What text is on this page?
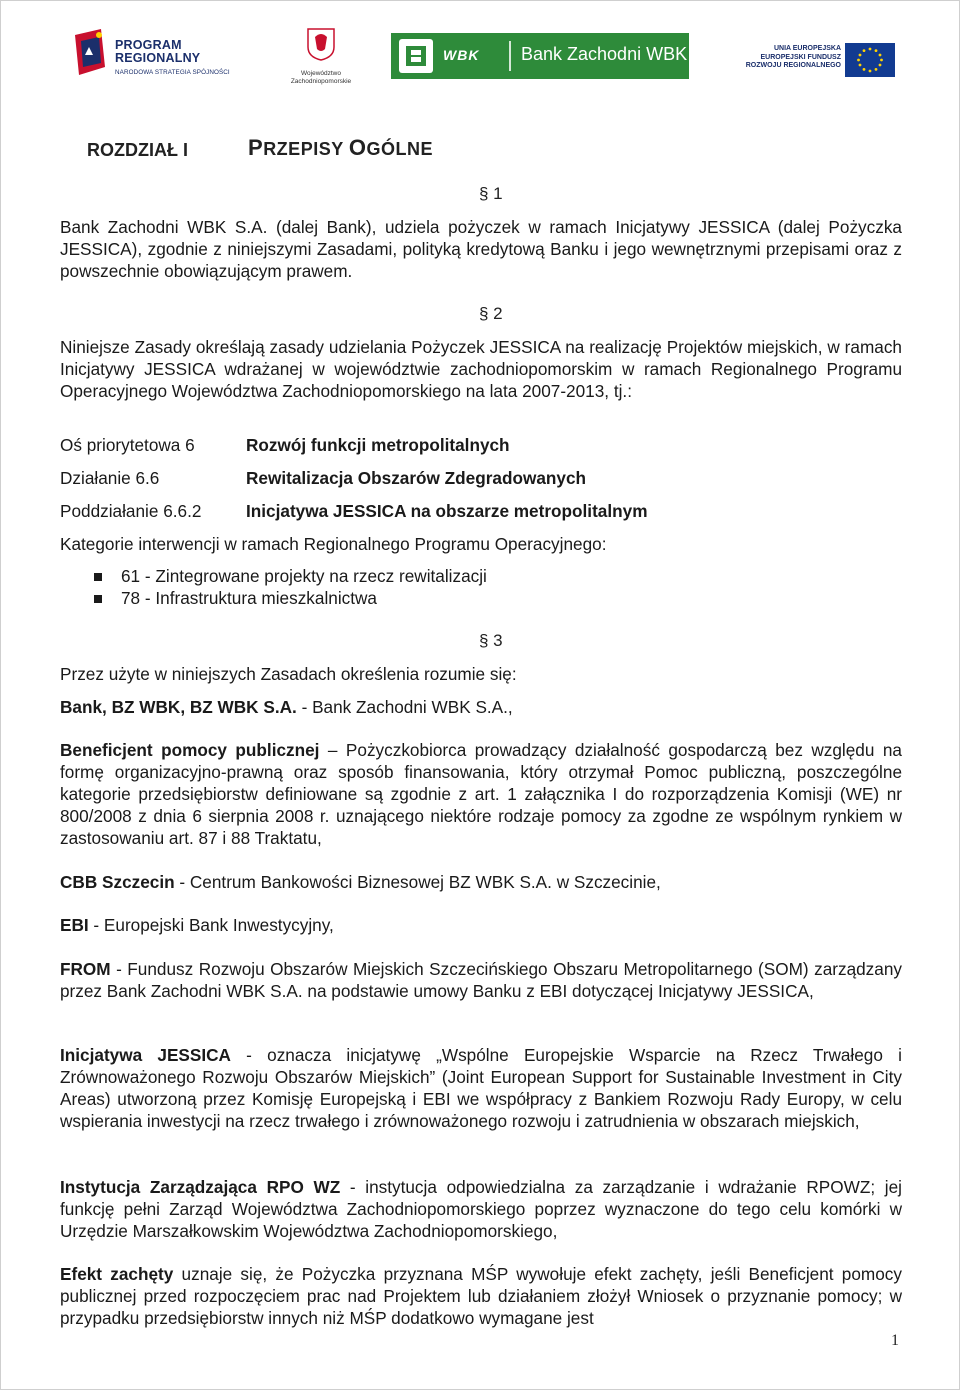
PROGRAM
REGIONALNY
NARODOWA STRATEGIA SPÓJNOŚCI	Województwo Zachodniopomorskie
WBK Bank Zachodni WBK	UNIA EUROPEJSKA EUROPEJSKI FUNDUSZ ROZWOJU REGIONALNEGO
ROZDZIAŁ I	PRZEPISY OGÓLNE
§ 1
Bank Zachodni WBK S.A. (dalej Bank), udziela pożyczek w ramach Inicjatywy JESSICA (dalej Pożyczka JESSICA), zgodnie z niniejszymi Zasadami, polityką kredytową Banku i jego wewnętrznymi przepisami oraz z powszechnie obowiązującym prawem.
§ 2
Niniejsze Zasady określają zasady udzielania Pożyczek JESSICA na realizację Projektów miejskich, w ramach Inicjatywy JESSICA wdrażanej w województwie zachodniopomorskim w ramach Regionalnego Programu Operacyjnego Województwa Zachodniopomorskiego na lata 2007-2013, tj.:
Oś priorytetowa 6	Rozwój funkcji metropolitalnych
Działanie 6.6	Rewitalizacja Obszarów Zdegradowanych
Poddziałanie 6.6.2	Inicjatywa JESSICA na obszarze metropolitalnym
Kategorie interwencji w ramach Regionalnego Programu Operacyjnego:
61 - Zintegrowane projekty na rzecz rewitalizacji
78 - Infrastruktura mieszkalnictwa
§ 3
Przez użyte w niniejszych Zasadach określenia rozumie się:
Bank, BZ WBK, BZ WBK S.A. - Bank Zachodni WBK S.A.,
Beneficjent pomocy publicznej – Pożyczkobiorca prowadzący działalność gospodarczą bez względu na formę organizacyjno-prawną oraz sposób finansowania, który otrzymał Pomoc publiczną, poszczególne kategorie przedsiębiorstw definiowane są zgodnie z art. 1 załącznika I do rozporządzenia Komisji (WE) nr 800/2008 z dnia 6 sierpnia 2008 r. uznającego niektóre rodzaje pomocy za zgodne ze wspólnym rynkiem w zastosowaniu art. 87 i 88 Traktatu,
CBB Szczecin - Centrum Bankowości Biznesowej BZ WBK S.A. w Szczecinie,
EBI - Europejski Bank Inwestycyjny,
FROM - Fundusz Rozwoju Obszarów Miejskich Szczecińskiego Obszaru Metropolitarnego (SOM) zarządzany przez Bank Zachodni WBK S.A. na podstawie umowy Banku z EBI dotyczącej Inicjatywy JESSICA,
Inicjatywa JESSICA - oznacza inicjatywę „Wspólne Europejskie Wsparcie na Rzecz Trwałego i Zrównoważonego Rozwoju Obszarów Miejskich” (Joint European Support for Sustainable Investment in City Areas) utworzoną przez Komisję Europejską i EBI we współpracy z Bankiem Rozwoju Rady Europy, w celu wspierania inwestycji na rzecz trwałego i zrównoważonego rozwoju i zatrudnienia w obszarach miejskich,
Instytucja Zarządzająca RPO WZ - instytucja odpowiedzialna za zarządzanie i wdrażanie RPOWZ; jej funkcję pełni Zarząd Województwa Zachodniopomorskiego poprzez wyznaczone do tego celu komórki w Urzędzie Marszałkowskim Województwa Zachodniopomorskiego,
Efekt zachęty uznaje się, że Pożyczka przyznana MŚP wywołuje efekt zachęty, jeśli Beneficjent pomocy publicznej przed rozpoczęciem prac nad Projektem lub działaniem złożył Wniosek o przyznanie pomocy; w przypadku przedsiębiorstw innych niż MŚP dodatkowo wymagane jest
1
